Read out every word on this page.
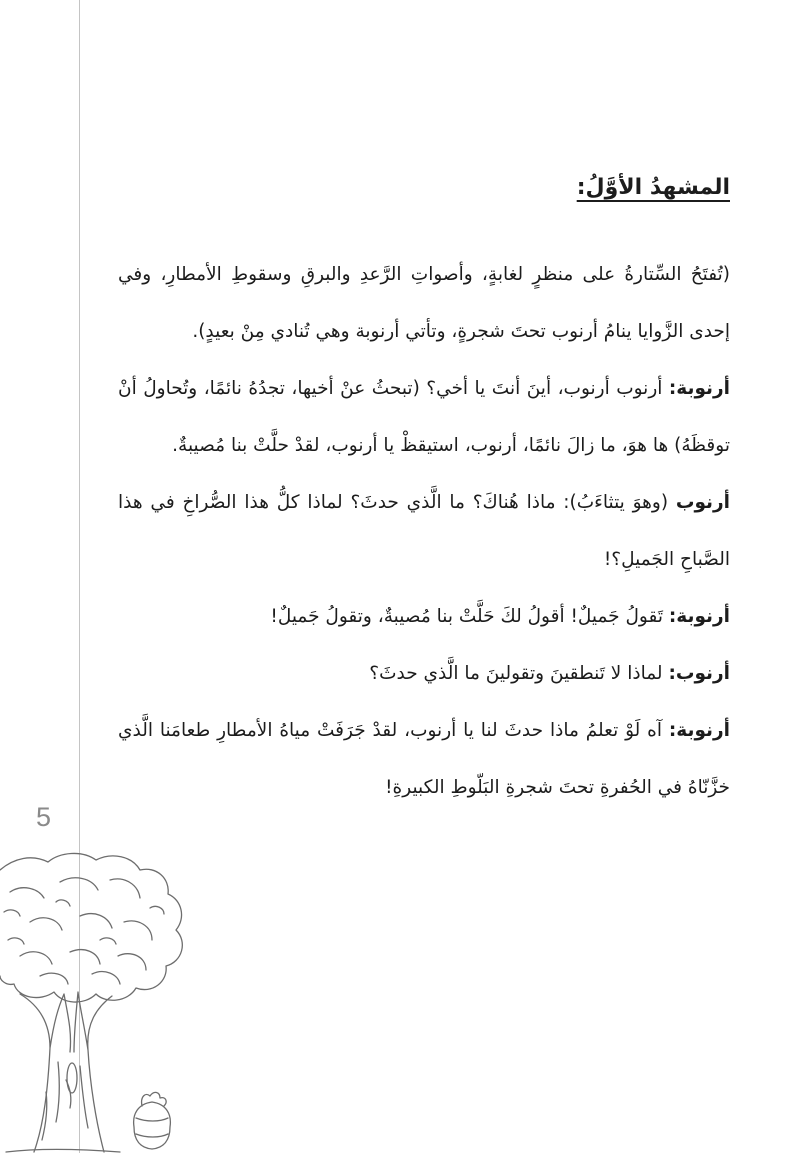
5
المشهدُ الأوَّلُ:

(تُفتَحُ السِّتارةُ على منظرٍ لغابةٍ، وأصواتِ الرَّعدِ والبرقِ وسقوطِ الأمطارِ، وفي إحدى الزَّوايا ينامُ أرنوب تحتَ شجرةٍ، وتأتي أرنوبة وهي تُنادي مِنْ بعيدٍ).

أرنوبة: أرنوب أرنوب، أينَ أنتَ يا أخي؟ (تبحثُ عنْ أخيها، تجدُهُ نائمًا، وتُحاولُ أنْ توقظَهُ) ها هوَ، ما زالَ نائمًا، أرنوب، استيقظْ يا أرنوب، لقدْ حلَّتْ بنا مُصيبةٌ.

أرنوب (وهوَ يتثاءَبُ): ماذا هُناكَ؟ ما الَّذي حدثَ؟ لماذا كلُّ هذا الصُّراخِ في هذا الصَّباحِ الجَميلِ؟!

أرنوبة: تَقولُ جَميلٌ! أقولُ لكَ حَلَّتْ بنا مُصيبةٌ، وتقولُ جَميلٌ!

أرنوب: لماذا لا تَنطقينَ وتقولينَ ما الَّذي حدثَ؟

أرنوبة: آه لَوْ تعلمُ ماذا حدثَ لنا يا أرنوب، لقدْ جَرَفَتْ مياهُ الأمطارِ طعامَنا الَّذي خزَّنّاهُ في الحُفرةِ تحتَ شجرةِ البَلّوطِ الكبيرةِ!
